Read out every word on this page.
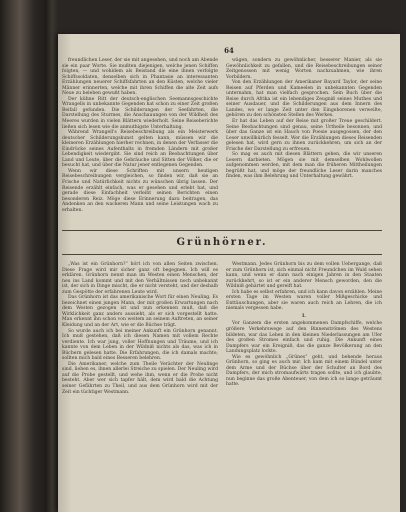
64

freundlichen Leser, der sie mit angesehen, und noch am Abende sie ein paar Worte. Sie mußten diejenigen, welche jenen Schiffen folgten, — und wohldem als Beistand die eine ihnen verfolgte Schiffssoldaten, denselben sich in Phantasie an interessanten Erzählungen neuerer Schiffsfahrten an den Küsten, welche vieler Männer erinnerten, welche mit ihren Schiffen die alte Zeit aufs Neue zu beleben gewußt haben.

Der kühne Ritt der deutsch-englischen Seemannsgeschichte Wrangells in unbekannte Gegenden hat schon zu einer Zeit großen Beifall gefunden. Die Schilderungen der Seefahrten, die Darstellung des Sturmes, die Anschauungen von der Wildheit des Meeres wurden in vielen Blättern wiederholt. Seine Reiseberichte ließen sich lesen wie die anmuthigste Unterhaltung.

Während Wrangell's Reisebeschreibung als ein Meisterwerk deutscher Schilderungskunst gelten kann, müssen wir die kleineren Erzählungen hierher rechnen, in denen der Verfasser die Eindrücke seines Aufenthalts in fremden Ländern mit großer Lebendigkeit wiedergibt. Sie sind reich an Beobachtungen über Land und Leute, über die Gebräuche und Sitten der Völker, die er besucht hat, und über die Natur jener entlegenen Gegenden.

Wenn wir diese Schriften mit unsern heutigen Reisebeschreibungen vergleichen, so finden wir, daß sie an Frische und Natürlichkeit nichts zu wünschen übrig lassen. Der Reisende erzählt einfach, was er gesehen und erlebt hat, und gerade diese Einfachheit verleiht seinen Berichten einen besonderen Reiz. Möge diese Erinnerung dazu beitragen, das Andenken an den wackeren Mann und seine Leistungen wach zu erhalten.

wägen, sondern zu gewöhnlicher, besserer Manier, als sie Gewöhnlichkeit zu gefallen, und die Reisebeschreibungen seiner Zeitgenossen mit wenig Worten nachzuahmen, wie ihren Vorbildern.

Von den Erzählungen der Amerikaner Bayard Taylor, der seine Reisen auf Pferden und Kameelen in unbekannten Gegenden unternahm, hat man vielfach gesprochen. Sein Buch über die Reise durch Afrika ist ein lebendiges Zeugniß seines Muthes und seiner Ausdauer, und die Schilderungen aus dem Innern des Landes, wo er lange Zeit unter den Eingeborenen verweilte, gehören zu den schönsten Stellen des Werkes.

Er hat das Leben auf der Reise mit großer Treue geschildert. Seine Beobachtungen sind genau, seine Urtheile besonnen, und über das Ganze ist ein Hauch von Poesie ausgegossen, der den Leser unwillkürlich fesselt. Wer die Erzählungen dieses Reisenden gelesen hat, wird gern zu ihnen zurückkehren, um sich an der Frische der Darstellung zu erfreuen.

So mag es auch mit diesen Blättern gehen, die wir unseren Lesern darbieten. Mögen sie mit demselben Wohlwollen aufgenommen werden, mit dem man die früheren Mittheilungen begrüßt hat, und möge der freundliche Leser darin manches finden, was ihm Belehrung und Unterhaltung gewährt.

Grünhörner.

„Was ist ein Grünhorn?“ hört ich von allen Seiten zwischen. Diese Frage wird mir sicher ganz oft begegnen. Ich will es erklären. Grünhorn nennt man im Westen einen Menschen, der neu ins Land kommt und mit den Verhältnissen noch unbekannt ist, der sich in Dinge mischt, die er nicht versteht, und der deshalb zum Gespötte der erfahrenen Leute wird.

Das Grünhorn ist das amerikanische Wort für einen Neuling. Es bezeichnet einen jungen Mann, der mit großen Erwartungen nach dem Westen gezogen ist und nun erkennen muß, daß die Wirklichkeit ganz anders aussieht, als er sich vorgestellt hatte. Man erkennt ihn schon von weitem an seinem Auftreten, an seiner Kleidung und an der Art, wie er die Büchse trägt.

So wurde auch ich bei meiner Ankunft ein Grünhorn genannt. Ich muß gestehen, daß ich diesen Namen mit vollem Rechte verdiente. Ich war jung, voller Hoffnungen und Träume, und ich kannte von dem Leben in der Wildniß nichts als das, was ich in Büchern gelesen hatte. Die Erfahrungen, die ich damals machte, sollten mich bald eines Besseren belehren.

Die Amerikaner, welche zum Theile Verächter der Neulinge sind, lieben es, ihnen allerlei Streiche zu spielen. Der Neuling wird auf die Probe gestellt, und wehe ihm, wenn er die Probe nicht besteht. Aber wer sich tapfer hält, dem wird bald die Achtung seiner Gefährten zu Theil, und aus dem Grünhorn wird mit der Zeit ein tüchtiger Westmann.

Westmann. Jedes Grünhorn bis zu dem vollen Uebergange, daß er zum Grünhorn ist, sich einmal nicht Freundchen im Wald sehen kann, und wenn er dann nach einigen Jahren in den Staaten zurückkehrt, so ist er ein anderer Mensch geworden, den die Wildniß gehärtet und gereift hat.

Ich habe es selbst erfahren, und ich kann davon erzählen. Meine ersten Tage im Westen waren voller Mißgeschicke und Enttäuschungen, aber sie waren auch reich an Lehren, die ich niemals vergessen habe.

I.

Vor Ganzem die ersten angekommenen Dampfschiffe, welche größere Verkehrswege auf den Binnenströmen des Westens bildeten, war das Leben in den kleinen Niederlassungen am Ufer des großen Stromes einfach und ruhig. Die Ankunft eines Dampfers war ein Ereigniß, das die ganze Bevölkerung an den Landungsplatz lockte.

Wie es gewöhnlich „Grünes“ geht, und behende heraus Grünhorn, so ging es auch mir. Ich kam mit einem Bündel unter dem Arme und der Büchse über der Schulter an Bord des Dampfers, der mich stromaufwärts tragen sollte, und ich glaubte, nun beginne das große Abenteuer, von dem ich so lange geträumt hatte.
